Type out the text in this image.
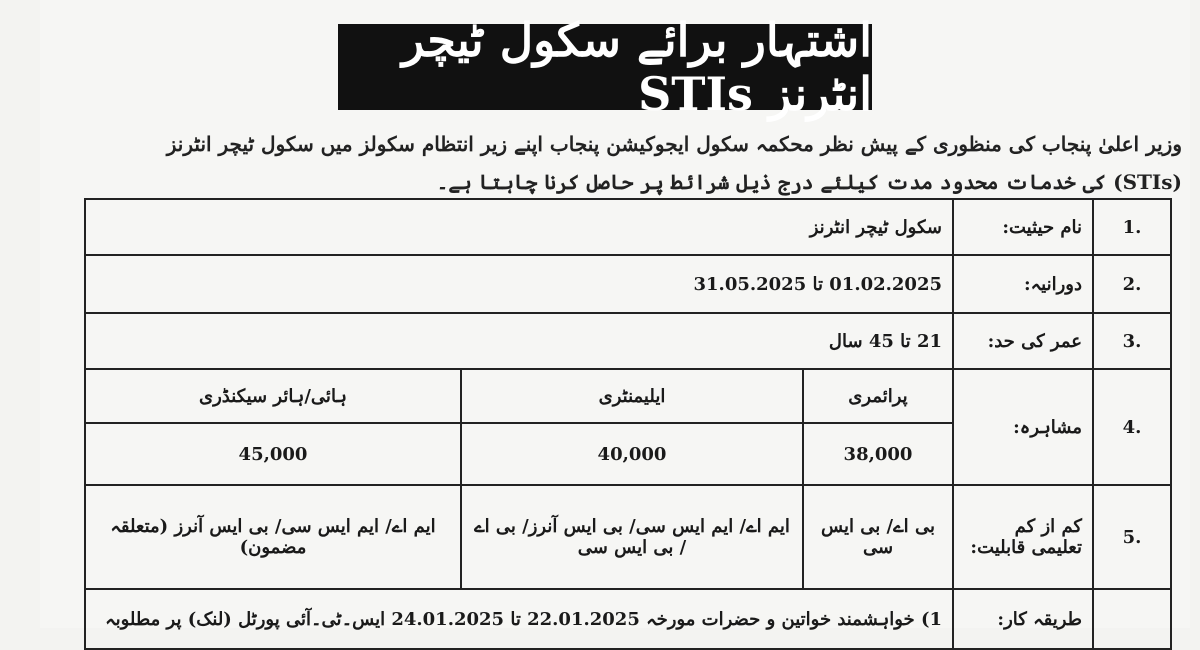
اشتہار برائے سکول ٹیچر انٹرنز STIs
وزیر اعلیٰ پنجاب کی منظوری کے پیش نظر محکمہ سکول ایجوکیشن پنجاب اپنے زیر انتظام سکولز میں سکول ٹیچر انٹرنز
(STIs) کی خدمات محدود مدت کیلئے درج ذیل شرائط پر حاصل کرنا چاہتا ہے۔
1.	نام حیثیت:	سکول ٹیچر انٹرنز		
2.	دورانیہ:	01.02.2025 تا 31.05.2025		
3.	عمر کی حد:	21 تا 45 سال		
4.	مشاہرہ:	پرائمری	ایلیمنٹری	ہائی/ہائر سیکنڈری
		38,000	40,000	45,000
5.	کم از کم تعلیمی قابلیت:	بی اے/ بی ایس سی	ایم اے/ ایم ایس سی/ بی ایس آنرز/ بی اے / بی ایس سی	ایم اے/ ایم ایس سی/ بی ایس آنرز (متعلقہ مضمون)
	طریقہ کار:	1) خواہشمند خواتین و حضرات مورخہ 22.01.2025 تا 24.01.2025 ایس۔ٹی۔آئی پورٹل (لنک) پر مطلوبہ		
